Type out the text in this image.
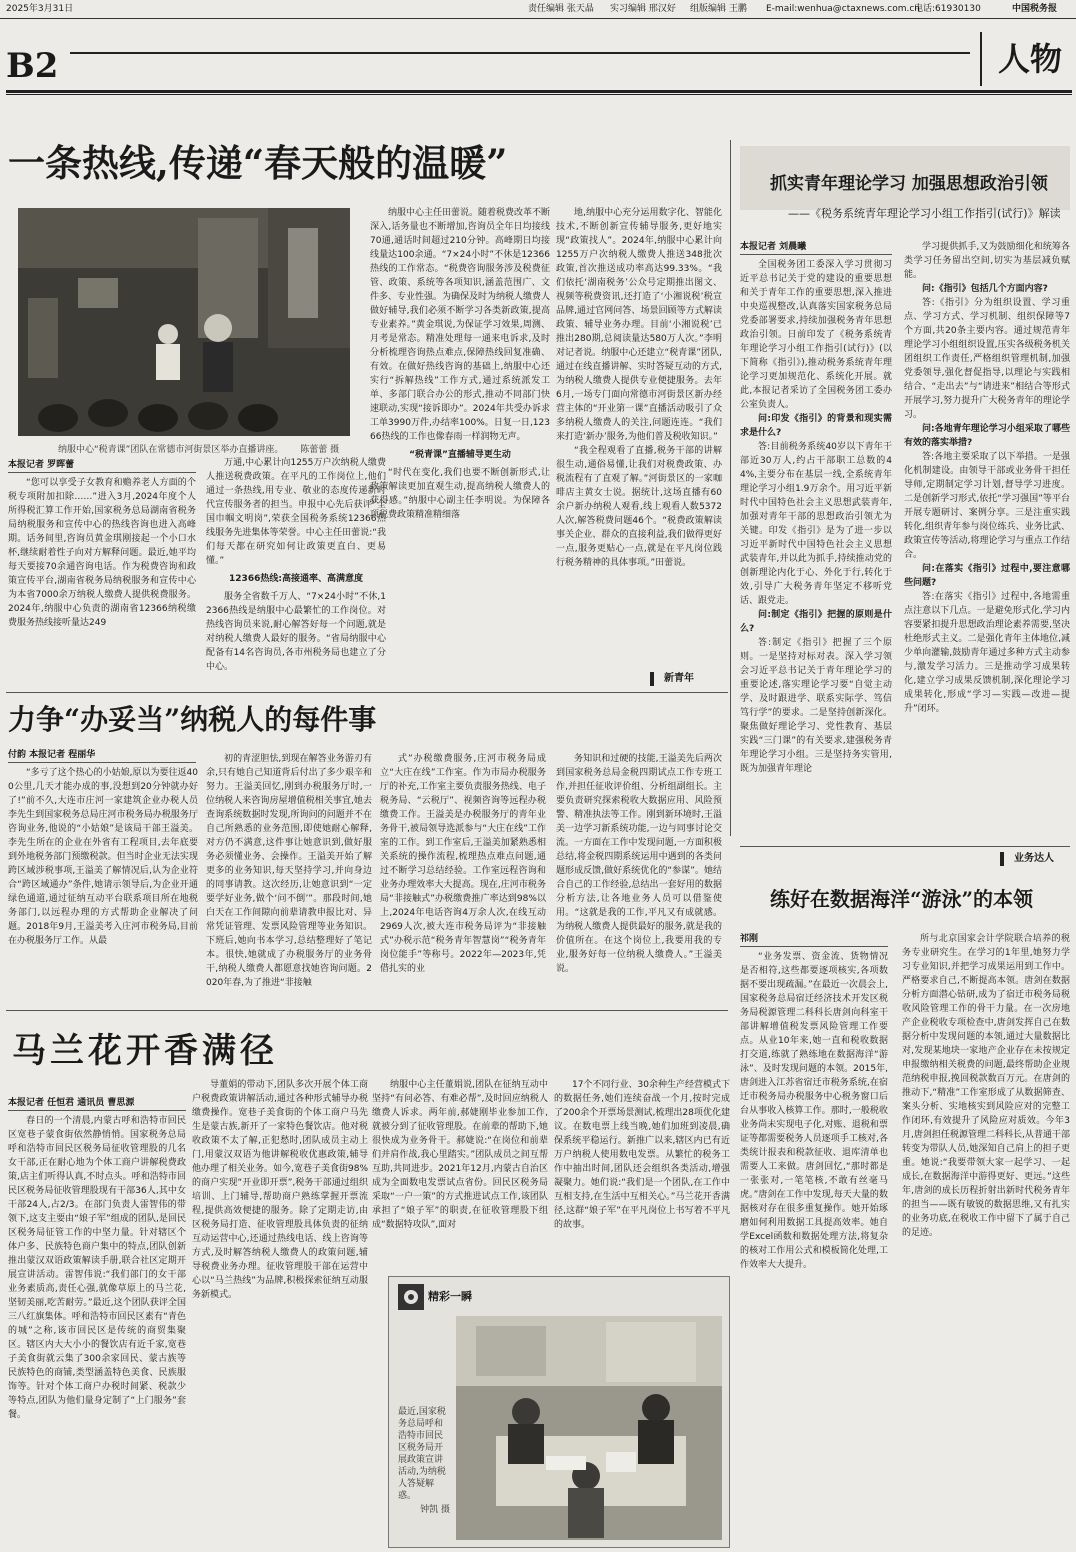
2025年3月31日	责任编辑 张天晶 实习编辑 邢汉好 组版编辑 王鹏 E-mail:wenhua@ctaxnews.com.cn
电话:61930130	中国税务报
B2	人物
一条热线,传递“春天般的温暖”
纳服中心“税青课”团队在常德市河街景区举办直播讲座。 陈蕾蕾 摄
本报记者 罗晖蕾

“您可以享受子女教育和赡养老人方面的个税专项附加扣除……”进入3月,2024年度个人所得税汇算工作开始,国家税务总局湖南省税务局纳税服务和宣传中心的热线咨询也进入高峰期。话务间里,咨询员黄金琪刚接起一个小口水杯,继续耐着性子向对方解释问题。最近,她平均每天要接70余通咨询电话。作为税费咨询和政策宣传平台,湖南省税务局纳税服务和宣传中心为本省7000余万纳税人缴费人提供税费服务。2024年,纳服中心负责的湖南省12366纳税缴费服务热线接听量达249

万通,中心累计向1255万户次纳税人缴费人推送税费政策。在平凡的工作岗位上,他们通过一条热线,用专业、敬业的态度传递新时代宣传服务者的担当。申报中心先后获评“全国巾帼文明岗”,荣获全国税务系统12366热线服务先进集体等荣誉。中心主任田蕾说:“我们每天都在研究如何让政策更直白、更易懂。”

12366热线:高接通率、高满意度

服务全省数千万人、“7×24小时”不休,12366热线是纳服中心最繁忙的工作岗位。对热线咨询员来说,耐心解答好每一个问题,就是对纳税人缴费人最好的服务。“省局纳服中心配备有14名咨询员,各市州税务局也建立了分中心。

纳服中心主任田蕾说。随着税费改革不断深入,话务量也不断增加,咨询员全年日均接线70通,通话时间超过210分钟。高峰期日均接线量达100余通。“7×24小时”不休是12366热线的工作常态。“税费咨询服务涉及税费征管、政策、系统等各项知识,涵盖范围广、文件多、专业性强。为确保及时为纳税人缴费人做好辅导,我们必须不断学习各类新政策,提高专业素养。”黄金琪说,为保证学习效果,周测、月考是常态。精准处理每一通来电诉求,及时分析梳理咨询热点难点,保障热线回复准确、有效。在做好热线咨询的基础上,纳服中心还实行“拆解热线”工作方式,通过系统派发工单、多部门联合办公的形式,推动不同部门快速联动,实现“接诉即办”。2024年共受办诉求工单3990万件,办结率100%。日复一日,12366热线的工作也像春雨一样润物无声。

“税青课”直播辅导更生动

“时代在变化,我们也要不断创新形式,让政策解读更加直观生动,提高纳税人缴费人的获得感。”纳服中心副主任李明说。为保障各项税费政策精准精细落

地,纳服中心充分运用数字化、智能化技术,不断创新宣传辅导服务,更好地实现“政策找人”。2024年,纳服中心累计向1255万户次纳税人缴费人推送348批次政策,首次推送成功率高达99.33%。“我们依托‘湖南税务’公众号定期推出图文、视频等税费资讯,还打造了‘小湘说税’税宣品牌,通过官网问答、场景回顾等方式解读政策、辅导业务办理。目前‘小湘说税’已推出280期,总阅读量达580万人次。”李明对记者说。纳服中心还建立“税青课”团队,通过在线直播讲解、实时答疑互动的方式,为纳税人缴费人提供专业便捷服务。去年6月,一场专门面向常德市河街景区新办经营主体的“开业第一课”直播活动吸引了众多纳税人缴费人的关注,问题连连。“我们来打造‘新办’服务,为他们普及税收知识。”

“我全程观看了直播,税务干部的讲解很生动,通俗易懂,让我们对税费政策、办税流程有了直观了解。”河街景区的一家咖啡店主黄女士说。据统计,这场直播有60余户新办纳税人观看,线上观看人数5372人次,解答税费问题46个。“税费政策解读事关企业、群众的直接利益,我们做得更好一点,服务更贴心一点,就是在平凡岗位践行税务精神的具体事项。”田蕾说。

新青年
抓实青年理论学习 加强思想政治引领
——《税务系统青年理论学习小组工作指引(试行)》解读
本报记者 刘晨曦

全国税务团工委深入学习贯彻习近平总书记关于党的建设的重要思想和关于青年工作的重要思想,深入推进中央巡视整改,认真落实国家税务总局党委部署要求,持续加强税务青年思想政治引领。日前印发了《税务系统青年理论学习小组工作指引(试行)》(以下简称《指引》),推动税务系统青年理论学习更加规范化、系统化开展。就此,本报记者采访了全国税务团工委办公室负责人。

问:印发《指引》的背景和现实需求是什么?

答:目前税务系统40岁以下青年干部近30万人,约占干部职工总数的44%,主要分布在基层一线,全系统青年理论学习小组1.9万余个。用习近平新时代中国特色社会主义思想武装青年,加强对青年干部的思想政治引领尤为关键。印发《指引》是为了进一步以习近平新时代中国特色社会主义思想武装青年,并以此为抓手,持续推动党的创新理论内化于心、外化于行,转化于效,引导广大税务青年坚定不移听党话、跟党走。

问:制定《指引》把握的原则是什么?

答:制定《指引》把握了三个原则。一是坚持对标对表。深入学习领会习近平总书记关于青年理论学习的重要论述,落实理论学习要“自觉主动学、及时跟进学、联系实际学、笃信笃行学”的要求。二是坚持创新深化。聚焦做好理论学习、党性教育、基层实践“三门课”的有关要求,建强税务青年理论学习小组。三是坚持务实管用,既为加强青年理论

学习提供抓手,又为鼓励细化和统筹各类学习任务留出空间,切实为基层减负赋能。

问:《指引》包括几个方面内容?

答:《指引》分为组织设置、学习重点、学习方式、学习机制、组织保障等7个方面,共20条主要内容。通过规范青年理论学习小组组织设置,压实各级税务机关团组织工作责任,严格组织管理机制,加强党委领导,强化督促指导,以理论与实践相结合、“走出去”与“请进来”相结合等形式开展学习,努力提升广大税务青年的理论学习。

问:各地青年理论学习小组采取了哪些有效的落实举措?

答:各地主要采取了以下举措。一是强化机制建设。由领导干部或业务骨干担任导师,定期制定学习计划,督导学习进度。二是创新学习形式,依托“学习强国”等平台开展专题研讨、案例分享。三是注重实践转化,组织青年参与岗位练兵、业务比武、政策宣传等活动,将理论学习与重点工作结合。

问:在落实《指引》过程中,要注意哪些问题?

答:在落实《指引》过程中,各地需重点注意以下几点。一是避免形式化,学习内容要紧扣提升思想政治理论素养需要,坚决杜绝形式主义。二是强化青年主体地位,减少单向灌输,鼓励青年通过多种方式主动参与,激发学习活力。三是推动学习成果转化,建立学习成果反馈机制,深化理论学习成果转化,形成“学习—实践—改进—提升”闭环。

力争“办妥当”纳税人的每件事
付韵 本报记者 程丽华

“多亏了这个热心的小姑娘,原以为要往返400公里,几天才能办成的事,没想到20分钟就办好了!”前不久,大连市庄河一家建筑企业办税人员李先生到国家税务总局庄河市税务局办税服务厅咨询业务,他说的“小姑娘”是该局干部王溢美。李先生所在的企业在外省有工程项目,去年底要到外地税务部门预缴税款。但当时企业无法实现跨区域涉税事项,王溢美了解情况后,认为企业符合“跨区域通办”条件,她请示领导后,为企业开通绿色通道,通过征纳互动平台联系项目所在地税务部门,以远程办理的方式帮助企业解决了问题。2018年9月,王溢美考入庄河市税务局,目前在办税服务厅工作。从最

初的青涩胆怯,到现在解答业务游刃有余,只有她自己知道背后付出了多少艰辛和努力。王溢美回忆,刚到办税服务厅时,一位纳税人来咨询房屋增值税相关事宜,她去查询系统数据时发现,所询问的问题并不在自己所熟悉的业务范围,即使她耐心解释,对方仍不满意,这件事让她意识到,做好服务必须懂业务、会操作。王溢美开始了解更多的业务知识,每天坚持学习,并向身边的同事请教。这次经历,让她意识到“一定要学好业务,做个‘问不倒’”。那段时间,她白天在工作间隙向前辈请教申报比对、异常凭证管理、发票风险管理等业务知识。下班后,她向书本学习,总结整理好了笔记本。很快,她就成了办税服务厅的业务骨干,纳税人缴费人都愿意找她咨询问题。2020年春,为了推进“非接触

式”办税缴费服务,庄河市税务局成立“大庄在线”工作室。作为市局办税服务厅的补充,工作室主要负责服务热线、电子税务局、“云税厅”、视频咨询等远程办税缴费工作。王溢美是办税服务厅的青年业务骨干,被局领导选派参与“大庄在线”工作室的工作。到工作室后,王溢美加紧熟悉相关系统的操作流程,梳理热点难点问题,通过不断学习总结经验。工作室远程咨询和业务办理效率大大提高。现在,庄河市税务局“非接触式”办税缴费推广率达到98%以上,2024年电话咨询4万余人次,在线互动2969人次,被大连市税务局评为“非接触式”办税示范“税务青年智慧岗”“税务青年岗位能手”等称号。2022年—2023年,凭借扎实的业

务知识和过硬的技能,王溢美先后两次到国家税务总局金税四期试点工作专班工作,并担任征收评价组、分析组副组长。主要负责研究探索税收大数据应用、风险预警、精准执法等工作。刚到新环境时,王溢美一边学习新系统功能,一边与同事讨论交流。一方面在工作中发现问题,一方面积极总结,将金税四期系统运用中遇到的各类问题形成反馈,做好系统优化的“参谋”。她结合自己的工作经验,总结出一套好用的数据分析方法,让各地业务人员可以借鉴使用。“这就是我的工作,平凡又有成就感。为纳税人缴费人提供最好的服务,就是我的价值所在。在这个岗位上,我要用我的专业,服务好每一位纳税人缴费人。”王溢美说。

业务达人
练好在数据海洋“游泳”的本领
祁刚

“业务发票、资金流、货物情况是否相符,这些都要逐项核实,各项数据不要出现疏漏。”在最近一次晨会上,国家税务总局宿迁经济技术开发区税务局税源管理二科科长唐剑向科室干部讲解增值税发票风险管理工作要点。从业10年来,她一直和税收数据打交道,练就了熟练地在数据海洋“游泳”、及时发现问题的本领。2015年,唐剑进入江苏省宿迁市税务系统,在宿迁市税务局办税服务中心税务窗口后台从事收入核算工作。那时,一般税收业务尚未实现电子化,对账、退税和票证等都需要税务人员逐项手工核对,各类统计报表和税款征收、退库清单也需要人工来做。唐剑回忆,“那时都是一张张对,一笔笔核,不敢有丝毫马虎。”唐剑在工作中发现,每天大量的数据核对存在很多重复操作。她开始琢磨如何利用数据工具提高效率。她自学Excel函数和数据处理方法,将复杂的核对工作用公式和模板简化处理,工作效率大大提升。

所与北京国家会计学院联合培养的税务专业研究生。在学习的1年里,她努力学习专业知识,并把学习成果运用到工作中。严格要求自己,不断提高本领。唐剑在数据分析方面潜心钻研,成为了宿迁市税务局税收风险管理工作的骨干力量。在一次房地产企业税收专项检查中,唐剑发挥自己在数据分析中发现问题的本领,通过大量数据比对,发现某地块一家地产企业存在未按规定申报缴纳相关税费的问题,最终帮助企业规范纳税申报,挽回税款数百万元。在唐剑的推动下,“精准”工作室形成了从数据筛查、案头分析、实地核实到风险应对的完整工作闭环,有效提升了风险应对质效。今年3月,唐剑担任税源管理二科科长,从普通干部转变为带队人员,她深知自己肩上的担子更重。她说:“我要带领大家一起学习、一起成长,在数据海洋中游得更好、更远。”这些年,唐剑的成长历程折射出新时代税务青年的担当——既有敏锐的数据思维,又有扎实的业务功底,在税收工作中留下了属于自己的足迹。

马兰花开香满径
本报记者 任恒君 通讯员 曹思源

春日的一个清晨,内蒙古呼和浩特市回民区宽巷子蒙食街依然静悄悄。国家税务总局呼和浩特市回民区税务局征收管理股的几名女干部,正在耐心地为个体工商户讲解税费政策,店主们听得认真,不时点头。呼和浩特市回民区税务局征收管理股现有干部36人,其中女干部24人,占2/3。在部门负责人雷智伟的带领下,这支主要由“娘子军”组成的团队,是回民区税务局征管工作的中坚力量。针对辖区个体户多、民族特色商户集中的特点,团队创新推出蒙汉双语政策解读手册,联合社区定期开展宣讲活动。雷智伟说:“我们部门的女干部业务素质高,责任心强,就像草原上的马兰花,坚韧美丽,吃苦耐劳。”最近,这个团队获评全国三八红旗集体。呼和浩特市回民区素有“青色的城”之称,该市回民区是传统的商贸集聚区。辖区内大大小小的餐饮店有近千家,宽巷子美食街就云集了300余家回民、蒙古族等民族特色的商铺,类型涵盖特色美食、民族服饰等。针对个体工商户办税时间紧、税款少等特点,团队为他们量身定制了“上门服务”套餐。

导董娟的带动下,团队多次开展个体工商户税费政策讲解活动,通过各种形式辅导办税缴费操作。宽巷子美食街的个体工商户马先生是蒙古族,新开了一家特色餐饮店。他对税收政策不太了解,正犯愁时,团队成员主动上门,用蒙汉双语为他讲解税收优惠政策,辅导他办理了相关业务。如今,宽巷子美食街98%的商户实现“开业即开票”,税务干部通过组织培训、上门辅导,帮助商户熟练掌握开票流程,提供高效便捷的服务。除了定期走访,由区税务局打造、征收管理股具体负责的征纳互动运营中心,还通过热线电话、线上咨询等方式,及时解答纳税人缴费人的政策问题,辅导税费业务办理。征收管理股干部在运营中心以“马兰热线”为品牌,积极探索征纳互动服务新模式。

纳服中心主任董娟说,团队在征纳互动中坚持“有问必答、有难必帮”,及时回应纳税人缴费人诉求。两年前,郝婕刚毕业参加工作,就被分到了征收管理股。在前辈的帮助下,她很快成为业务骨干。郝婕说:“在岗位和前辈们并肩作战,我心里踏实。”团队成员之间互帮互助,共同进步。2021年12月,内蒙古自治区成为全面数电发票试点省份。回民区税务局采取“一户一策”的方式推进试点工作,该团队承担了“娘子军”的职责,在征收管理股下组成“数据特攻队”,面对

17个不同行业、30余种生产经营模式下的数据任务,她们连续奋战一个月,按时完成了200余个开票场景测试,梳理出28项优化建议。在数电票上线当晚,她们加班到凌晨,确保系统平稳运行。新推广以来,辖区内已有近万户纳税人使用数电发票。从繁忙的税务工作中抽出时间,团队还会组织各类活动,增强凝聚力。她们说:“我们是一个团队,在工作中互相支持,在生活中互相关心。”马兰花开香满径,这群“娘子军”在平凡岗位上书写着不平凡的故事。

精彩一瞬
最近,国家税务总局呼和浩特市回民区税务局开展政策宣讲活动,为纳税人答疑解惑。
钟凯 摄
